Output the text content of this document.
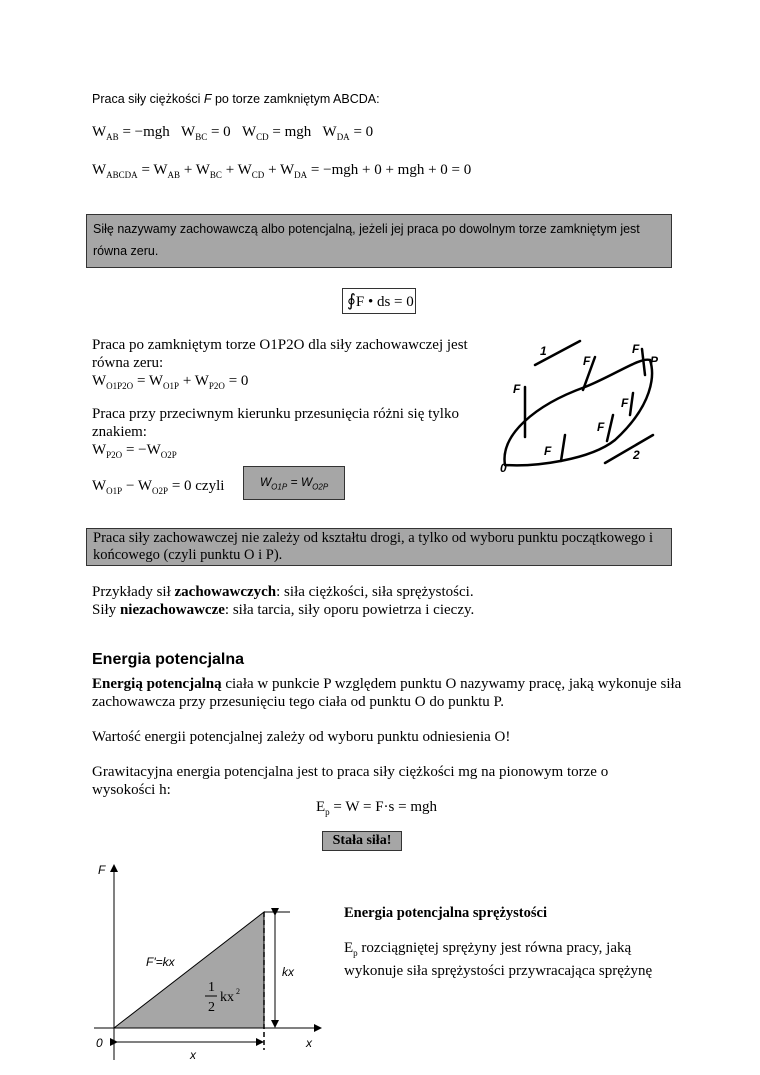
Praca siły ciężkości F po torze zamkniętym ABCDA:
$W_{AB} = -mgh$   $W_{BC} = 0$   $W_{CD}$ = mgh   $W_{DA} = 0$
$W_{ABCDA} = W_{AB} + W_{BC} + W_{CD} + W_{DA} = -mgh + 0$ + mgh + 0 = 0
Siłę nazywamy zachowawczą albo potencjalną, jeżeli jej praca po dowolnym torze zamkniętym jest równa zeru.
∮F • ds = 0
Praca po zamkniętym torze O1P2O dla siły zachowawczej jest
równa zeru:
$W_{O1P2O} = W_{O1P} + W_{P2O} = 0$
Praca przy przeciwnym kierunku przesunięcia różni się tylko
znakiem:
$W_{P2O} = -W_{O2P}$
$W_{O1P} - W_{O2P} = 0$ czyli	$W_{O1P} = W_{O2P}$
1
2
0
P
F
F
F
F
F
F
Praca siły zachowawczej nie zależy od kształtu drogi, a tylko od wyboru punktu początkowego i końcowego (czyli punktu O i P).
Przykłady sił zachowawczych: siła ciężkości, siła sprężystości.
Siły niezachowawcze: siła tarcia, siły oporu powietrza i cieczy.
Energia potencjalna
Energią potencjalną ciała w punkcie P względem punktu O nazywamy pracę, jaką wykonuje siła zachowawcza przy przesunięciu tego ciała od punktu O do punktu P.
Wartość energii potencjalnej zależy od wyboru punktu odniesienia O!
Grawitacyjna energia potencjalna jest to praca siły ciężkości mg na pionowym torze o
wysokości h:
$E_p = W = F\cdot s$ = mgh
Stała siła!
Energia potencjalna sprężystości
$E_p$ rozciągniętej sprężyny jest równa pracy, jaką
wykonuje siła sprężystości przywracająca sprężynę
F
x
0
F'=kx
kx
x
1
2
kx 2
